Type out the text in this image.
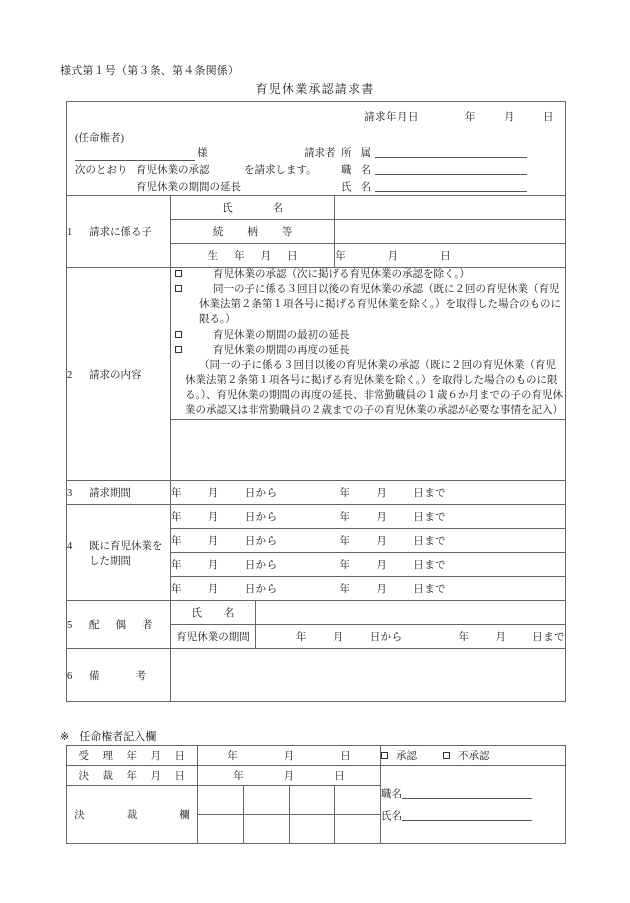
様式第１号（第３条、第４条関係）
育児休業承認請求書
請求年月日	年	月	日
(任命権者)
様
次のとおり 育児休業の承認
育児休業の期間の延長
を請求します。
請求者 所 属
職 名
氏 名

1 請求に係る子	氏 名		
	続 柄 等		
	生 年 月 日		年 月 日
2 請求の内容	育児休業の承認（次に掲げる育児休業の承認を除く。）
同一の子に係る３回目以後の育児休業の承認（既に２回の育児休業（育児休業法第２条第１項各号に掲げる育児休業を除く。）を取得した場合のものに限る。）
育児休業の期間の最初の延長
育児休業の期間の再度の延長
（同一の子に係る３回目以後の育児休業の承認（既に２回の育児休業（育児休業法第２条第１項各号に掲げる育児休業を除く。）を取得した場合のものに限る。）、育児休業の期間の再度の延長、非常勤職員の１歳６か月までの子の育児休業の承認又は非常勤職員の２歳までの子の育児休業の承認が必要な事情を記入）		

3 請求期間	年 月 日から 年 月 日まで		
4 既に育児休業を
した期間	年 月 日から 年 月 日まで		
	年 月 日から 年 月 日まで		
	年 月 日から 年 月 日まで		
	年 月 日から 年 月 日まで		
5 配 偶 者	氏 名		
	育児休業の期間	年 月 日から 年 月 日まで	
6 備 考			
※ 任命権者記入欄
受 理 年 月 日	年 月 日				承認 不承認
決 裁 年 月 日	年 月 日				職名
氏名

決 裁 欄					
